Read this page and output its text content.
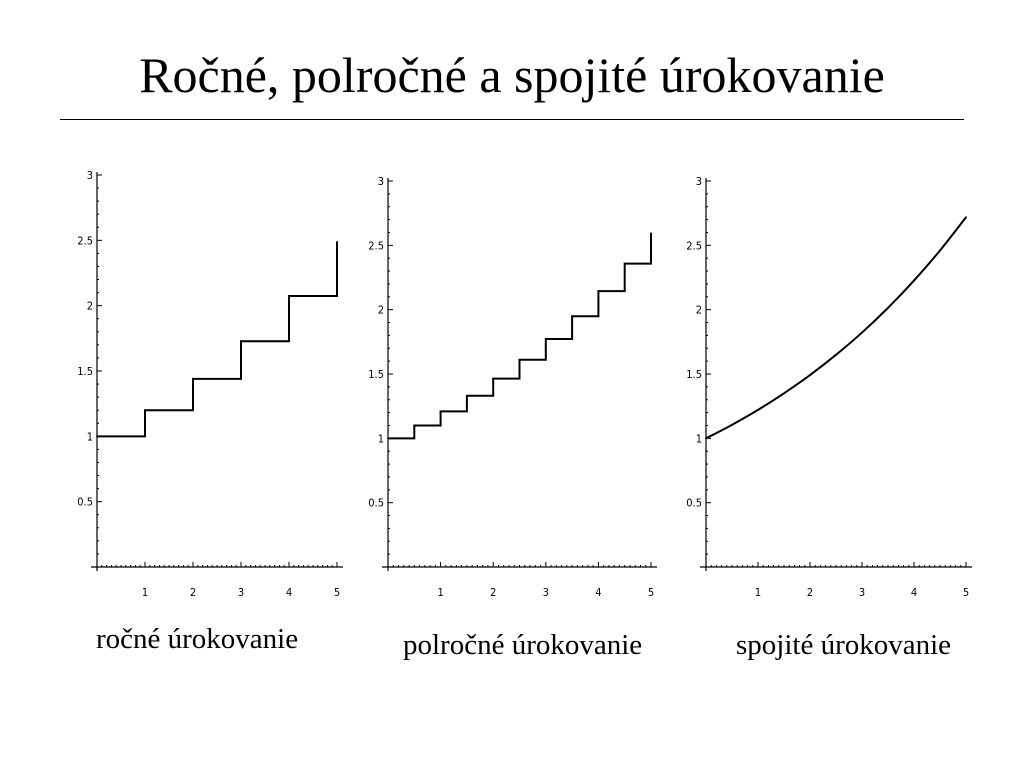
Ročné, polročné a spojité úrokovanie
1	2	3	4	5
0.5
1
1.5
2
2.5
3
1	2	3	4	5
0.5
1
1.5
2
2.5
3
1	2	3	4	5
0.5
1
1.5
2
2.5
3
ročné úrokovanie	polročné úrokovanie	spojité úrokovanie
